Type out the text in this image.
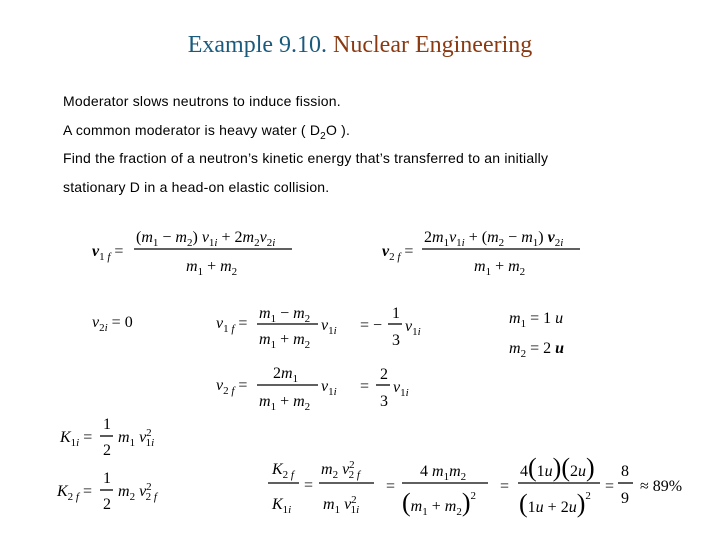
Example 9.10. Nuclear Engineering
Moderator slows neutrons to induce fission.
A common moderator is heavy water ( $D_2O$ ).
Find the fraction of a neutron’s kinetic energy that’s transferred to an initially
stationary D in a head-on elastic collision.
$v_1$ f =
$(m_1 - m_2) v_1i + 2m_2v_2i$
$m_1 + m_2$
$v_2$ f =
$2m_1v_1i + (m_2 - m_1)$ $v_2i$
$m_1 + m_2$
$v_2i = 0$	$v_1$ f =
$m_1 - m_2$
$m_1 + m_2$
$v_1i$ = −
1
3
$v_1i$
$m_1 = 1$ u
$m_2 = 2$ u
$v_2$ f =
$2m_1$
$m_1 + m_2$
$v_1i$ =
2
3
$v_1i$
$K_1i$ =
1
2
$m_1$ $v^2$ 1i
$K_2$ f =
1
2
$m_2$ $v^2$ 2 f
$K_2$ f
$K_1i$
=
$m_2$ $v^2$ 2 f
$m_1$ $v^2$ 1i
=
4 $m_1m_2$
$(m_1 + m_2)^2$
=
4(1u)(2u)
$(1u + 2u)^2$
=
8
9
≈ 89%
